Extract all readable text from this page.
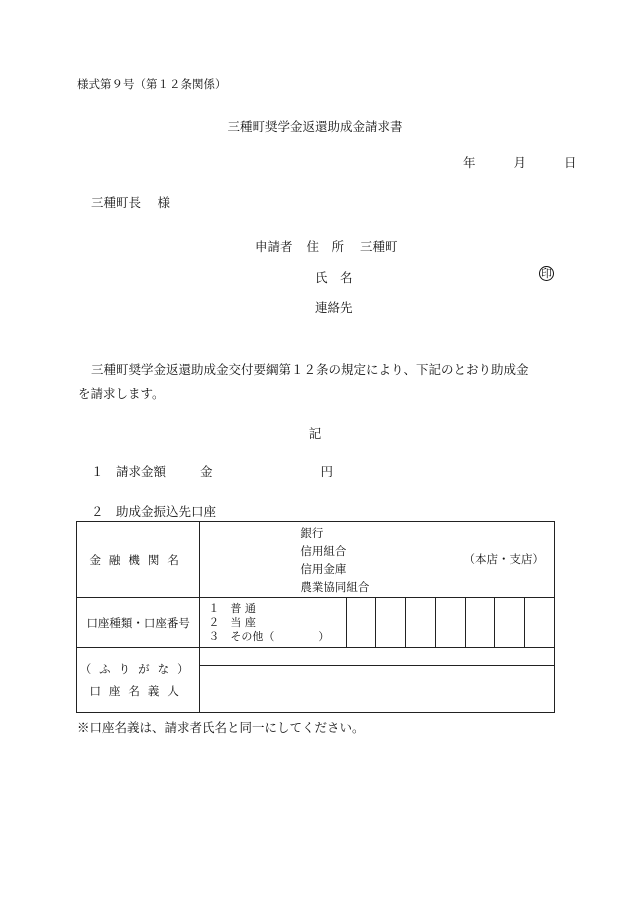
様式第９号（第１２条関係）
三種町奨学金返還助成金請求書
年	月	日
三種町長　 様
申請者 住　所 三種町
氏　名	印
連絡先

三種町奨学金返還助成金交付要綱第１２条の規定により、下記のとおり助成金

を請求します。

記
１　請求金額	金	円
２　助成金振込先口座
金融機関名	銀行
信用組合
信用金庫
農業協同組合
（本店・支店）							

口座種類・口座番号	１　普 通
２　当 座
３　その他（　　　　）							

（ふりがな）
口座名義人								

※口座名義は、請求者氏名と同一にしてください。
